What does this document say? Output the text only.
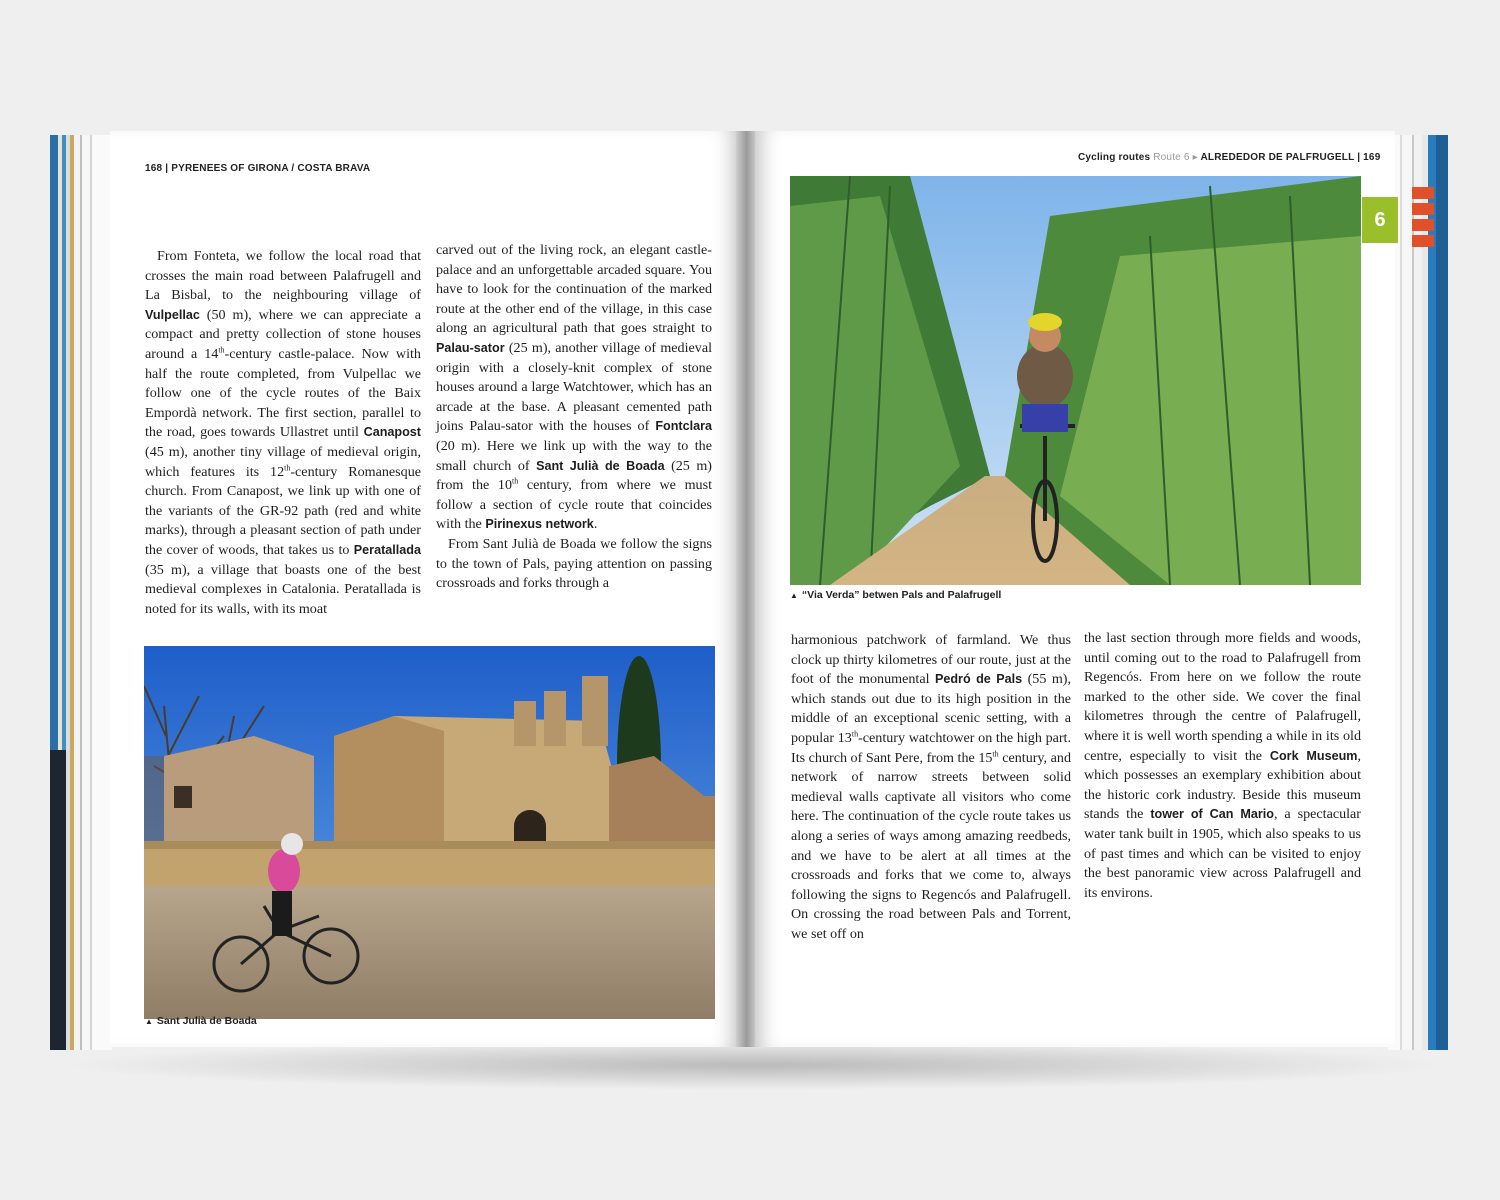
168 | PYRENEES OF GIRONA / COSTA BRAVA

From Fonteta, we follow the local road that crosses the main road between Palafrugell and La Bisbal, to the neighbouring village of Vulpellac (50 m), where we can appreciate a compact and pretty collection of stone houses around a 14th-century castle-palace. Now with half the route completed, from Vulpellac we follow one of the cycle routes of the Baix Empordà network. The first section, parallel to the road, goes towards Ullastret until Canapost (45 m), another tiny village of medieval origin, which features its 12th-century Romanesque church. From Canapost, we link up with one of the variants of the GR-92 path (red and white marks), through a pleasant section of path under the cover of woods, that takes us to Peratallada (35 m), a village that boasts one of the best medieval complexes in Catalonia. Peratallada is noted for its walls, with its moat

carved out of the living rock, an elegant castle-palace and an unforgettable arcaded square. You have to look for the continuation of the marked route at the other end of the village, in this case along an agricultural path that goes straight to Palau-sator (25 m), another village of medieval origin with a closely-knit complex of stone houses around a large Watchtower, which has an arcade at the base. A pleasant cemented path joins Palau-sator with the houses of Fontclara (20 m). Here we link up with the way to the small church of Sant Julià de Boada (25 m) from the 10th century, from where we must follow a section of cycle route that coincides with the Pirinexus network.

From Sant Julià de Boada we follow the signs to the town of Pals, paying attention on passing crossroads and forks through a

▲ Sant Julià de Boada
Cycling routes Route 6 ▸ ALREDEDOR DE PALFRUGELL | 169
6
▲ “Via Verda” betwen Pals and Palafrugell

harmonious patchwork of farmland. We thus clock up thirty kilometres of our route, just at the foot of the monumental Pedró de Pals (55 m), which stands out due to its high position in the middle of an exceptional scenic setting, with a popular 13th-century watchtower on the high part. Its church of Sant Pere, from the 15th century, and network of narrow streets between solid medieval walls captivate all visitors who come here. The continuation of the cycle route takes us along a series of ways among amazing reedbeds, and we have to be alert at all times at the crossroads and forks that we come to, always following the signs to Regencós and Palafrugell. On crossing the road between Pals and Torrent, we set off on

the last section through more fields and woods, until coming out to the road to Palafrugell from Regencós. From here on we follow the route marked to the other side. We cover the final kilometres through the centre of Palafrugell, where it is well worth spending a while in its old centre, especially to visit the Cork Museum, which possesses an exemplary exhibition about the historic cork industry. Beside this museum stands the tower of Can Mario, a spectacular water tank built in 1905, which also speaks to us of past times and which can be visited to enjoy the best panoramic view across Palafrugell and its environs.
